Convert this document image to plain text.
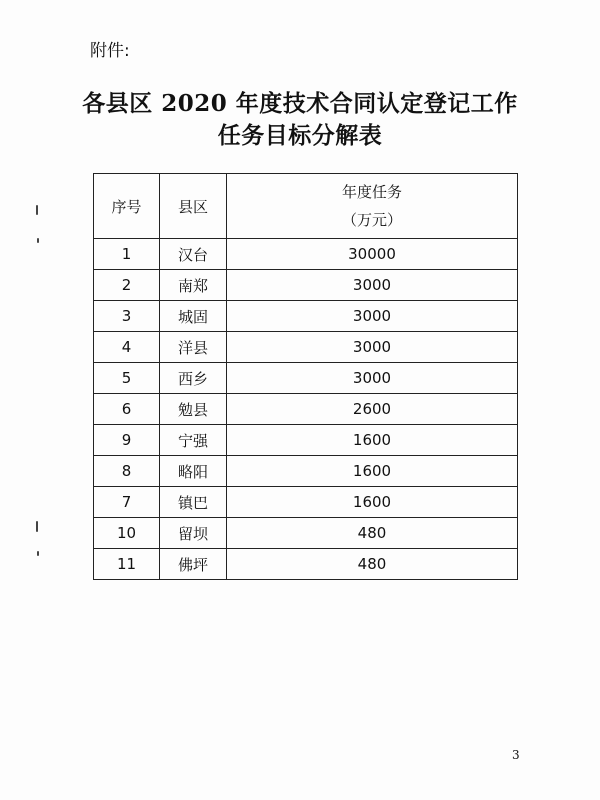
附件:
各县区 2020 年度技术合同认定登记工作
任务目标分解表
序号	县区	年度任务
（万元）

1	汉台	30000
2	南郑	3000
3	城固	3000
4	洋县	3000
5	西乡	3000
6	勉县	2600
9	宁强	1600
8	略阳	1600
7	镇巴	1600
10	留坝	480
11	佛坪	480
3
